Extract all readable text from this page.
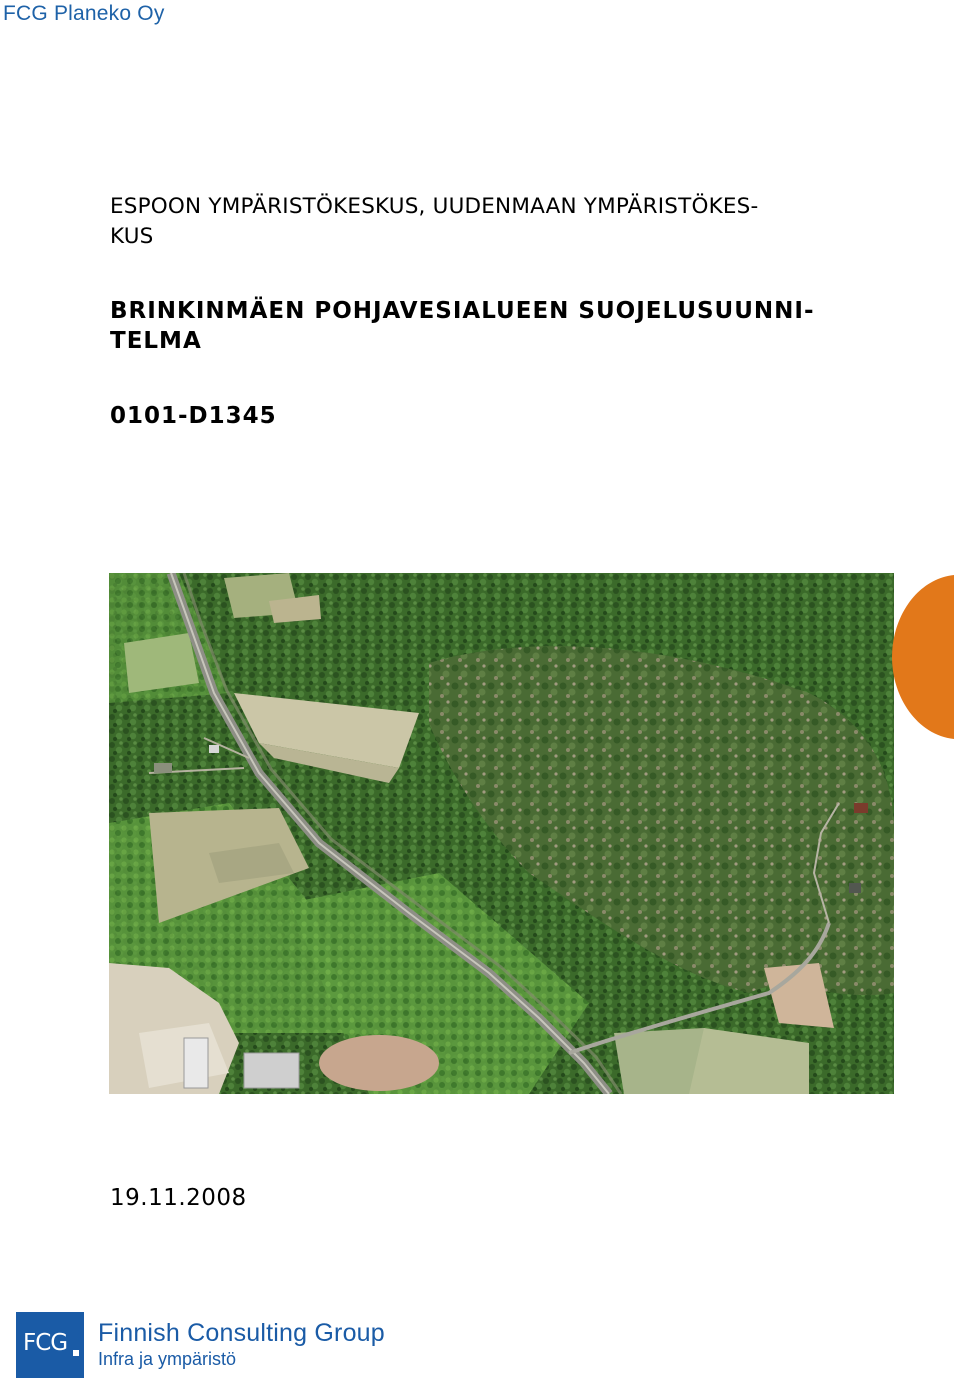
FCG Planeko Oy
ESPOON YMPÄRISTÖKESKUS, UUDENMAAN YMPÄRISTÖKES-
KUS
BRINKINMÄEN POHJAVESIALUEEN SUOJELUSUUNNI-
TELMA
0101-D1345
19.11.2008
FCG Finnish Consulting Group
Infra ja ympäristö
